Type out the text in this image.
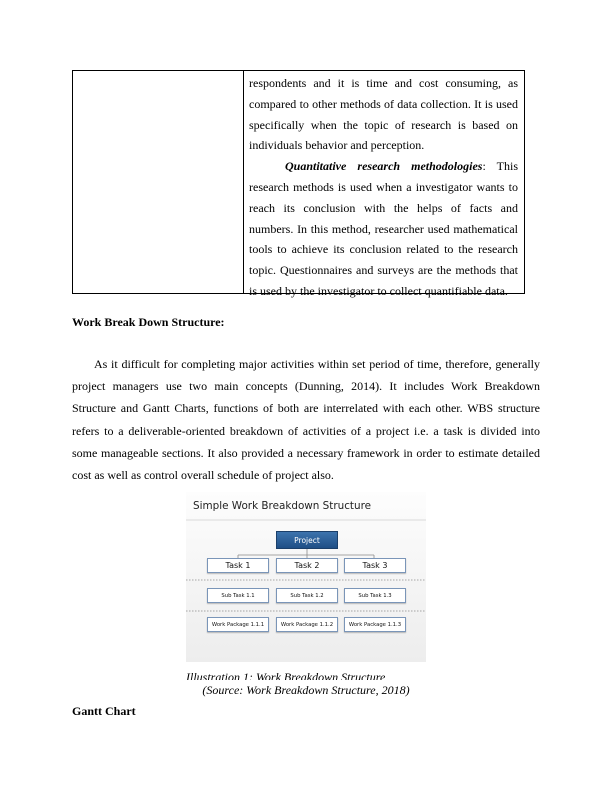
respondents and it is time and cost consuming, as compared to other methods of data collection. It is used specifically when the topic of research is based on individuals behavior and perception.

Quantitative research methodologies: This research methods is used when a investigator wants to reach its conclusion with the helps of facts and numbers. In this method, researcher used mathematical tools to achieve its conclusion related to the research topic. Questionnaires and surveys are the methods that is used by the investigator to collect quantifiable data.

Work Break Down Structure:

As it difficult for completing major activities within set period of time, therefore, generally project managers use two main concepts (Dunning, 2014). It includes Work Breakdown Structure and Gantt Charts, functions of both are interrelated with each other. WBS structure refers to a deliverable-oriented breakdown of activities of a project i.e. a task is divided into some manageable sections. It also provided a necessary framework in order to estimate detailed cost as well as control overall schedule of project also.

Simple Work Breakdown Structure
Project
Task 1	Task 2	Task 3
Sub Task 1.1	Sub Task 1.2	Sub Task 1.3
Work Package 1.1.1	Work Package 1.1.2	Work Package 1.1.3
Illustration 1: Work Breakdown Structure

(Source: Work Breakdown Structure, 2018)

Gantt Chart
